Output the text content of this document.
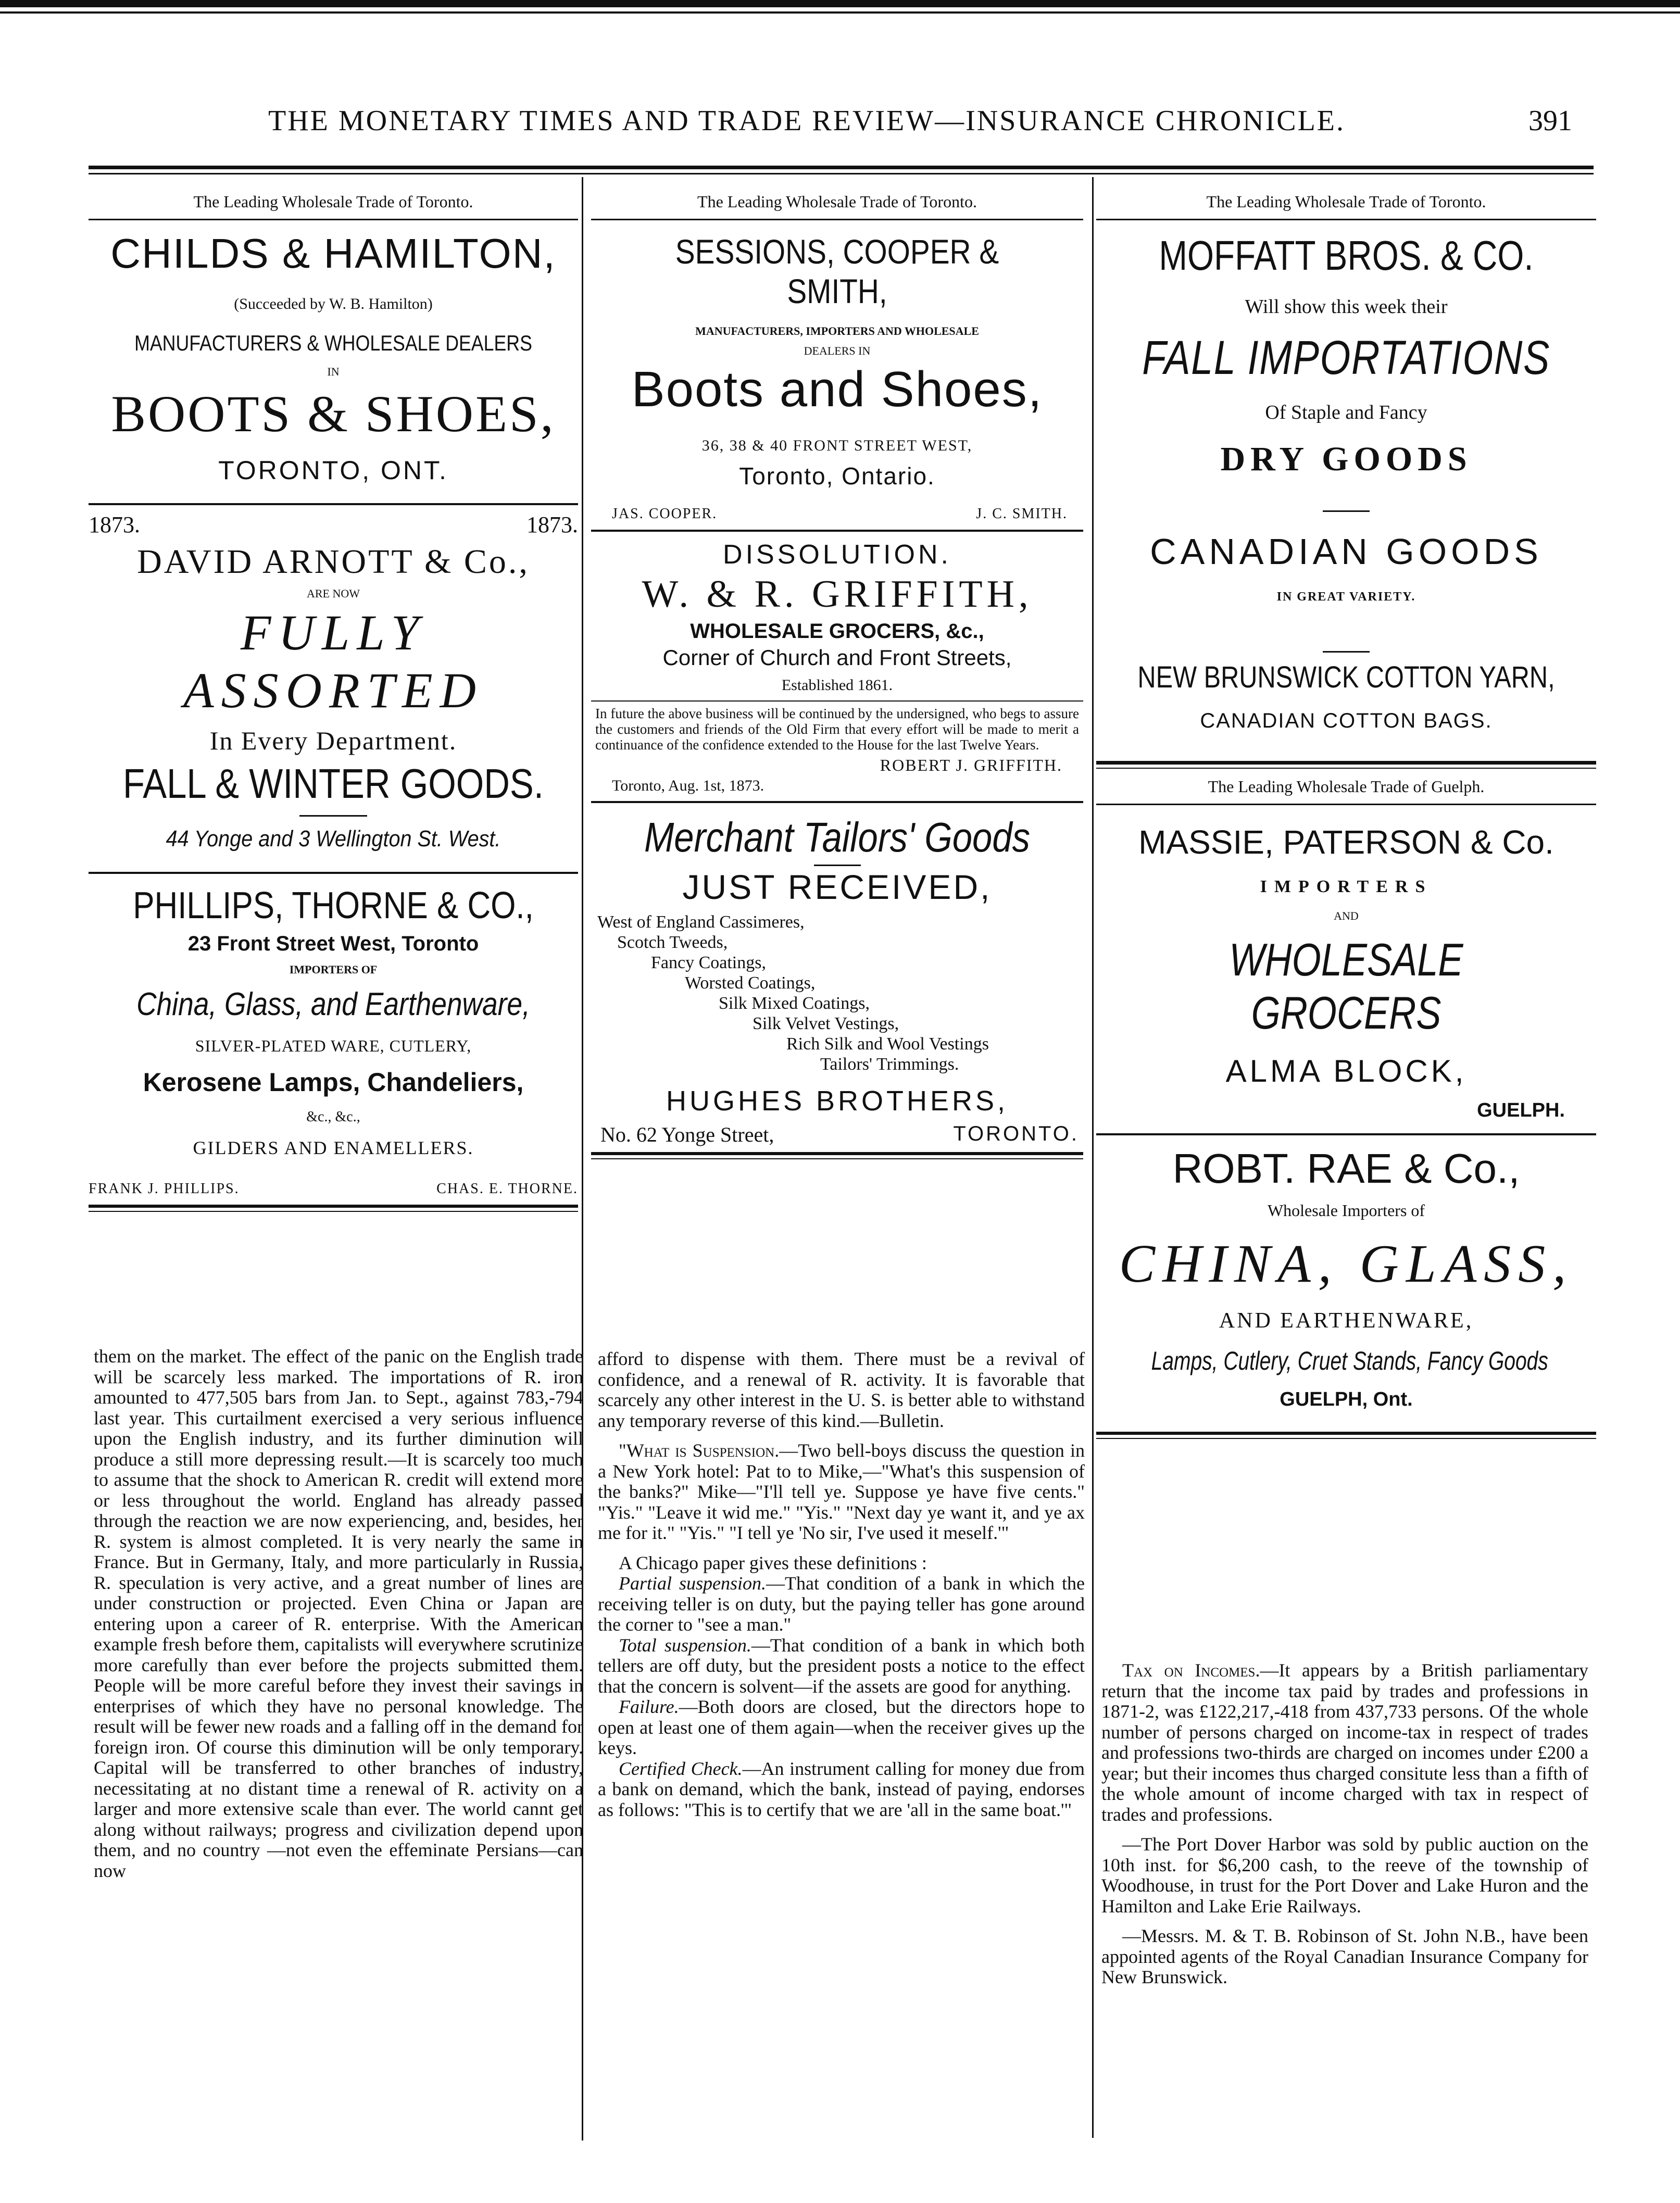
THE MONETARY TIMES AND TRADE REVIEW—INSURANCE CHRONICLE.	391
The Leading Wholesale Trade of Toronto.
CHILDS & HAMILTON,
(Succeeded by W. B. Hamilton)
MANUFACTURERS & WHOLESALE DEALERS
IN
BOOTS & SHOES,
TORONTO, ONT.
1873.	1873.
DAVID ARNOTT & Co.,
ARE NOW
FULLY ASSORTED
In Every Department.
FALL & WINTER GOODS.
44 Yonge and 3 Wellington St. West.
PHILLIPS, THORNE & CO.,
23 Front Street West, Toronto
IMPORTERS OF
China, Glass, and Earthenware,
SILVER-PLATED WARE, CUTLERY,
Kerosene Lamps, Chandeliers,
&c., &c.,
GILDERS AND ENAMELLERS.
FRANK J. PHILLIPS.	CHAS. E. THORNE.

them on the market. The effect of the panic on the English trade will be scarcely less marked. The importations of R. iron amounted to 477,505 bars from Jan. to Sept., against 783,-794 last year. This curtailment exercised a very serious influence upon the English industry, and its further diminution will produce a still more depressing result.—It is scarcely too much to assume that the shock to American R. credit will extend more or less throughout the world. England has already passed through the reaction we are now experiencing, and, besides, her R. system is almost completed. It is very nearly the same in France. But in Germany, Italy, and more particularly in Russia, R. speculation is very active, and a great number of lines are under construction or projected. Even China or Japan are entering upon a career of R. enterprise. With the American example fresh before them, capitalists will everywhere scrutinize more carefully than ever before the projects submitted them. People will be more careful before they invest their savings in enterprises of which they have no personal knowledge. The result will be fewer new roads and a falling off in the demand for foreign iron. Of course this diminution will be only temporary. Capital will be transferred to other branches of industry, necessitating at no distant time a renewal of R. activity on a larger and more extensive scale than ever. The world cannt get along without railways; progress and civilization depend upon them, and no country —not even the effeminate Persians—can now

The Leading Wholesale Trade of Toronto.
SESSIONS, COOPER & SMITH,
MANUFACTURERS, IMPORTERS AND WHOLESALE
DEALERS IN
Boots and Shoes,
36, 38 & 40 FRONT STREET WEST,
Toronto, Ontario.
JAS. COOPER.	J. C. SMITH.
DISSOLUTION.
W. & R. GRIFFITH,
WHOLESALE GROCERS, &c.,
Corner of Church and Front Streets,
Established 1861.
In future the above business will be continued by the undersigned, who begs to assure the customers and friends of the Old Firm that every effort will be made to merit a continuance of the confidence extended to the House for the last Twelve Years.
ROBERT J. GRIFFITH.
Toronto, Aug. 1st, 1873.
Merchant Tailors' Goods
JUST RECEIVED,
West of England Cassimeres,
Scotch Tweeds,
Fancy Coatings,
Worsted Coatings,
Silk Mixed Coatings,
Silk Velvet Vestings,
Rich Silk and Wool Vestings
Tailors' Trimmings.
HUGHES BROTHERS,
No. 62 Yonge Street,	TORONTO.

afford to dispense with them. There must be a revival of confidence, and a renewal of R. activity. It is favorable that scarcely any other interest in the U. S. is better able to withstand any temporary reverse of this kind.—Bulletin.

"What is Suspension.—Two bell-boys discuss the question in a New York hotel: Pat to to Mike,—"What's this suspension of the banks?" Mike—"I'll tell ye. Suppose ye have five cents." "Yis." "Leave it wid me." "Yis." "Next day ye want it, and ye ax me for it." "Yis." "I tell ye 'No sir, I've used it meself.'"

A Chicago paper gives these definitions :

Partial suspension.—That condition of a bank in which the receiving teller is on duty, but the paying teller has gone around the corner to "see a man."

Total suspension.—That condition of a bank in which both tellers are off duty, but the president posts a notice to the effect that the concern is solvent—if the assets are good for anything.

Failure.—Both doors are closed, but the directors hope to open at least one of them again—when the receiver gives up the keys.

Certified Check.—An instrument calling for money due from a bank on demand, which the bank, instead of paying, endorses as follows: "This is to certify that we are 'all in the same boat.'"

The Leading Wholesale Trade of Toronto.
MOFFATT BROS. & CO.
Will show this week their
FALL IMPORTATIONS
Of Staple and Fancy
DRY GOODS
CANADIAN GOODS
IN GREAT VARIETY.
NEW BRUNSWICK COTTON YARN,
CANADIAN COTTON BAGS.
The Leading Wholesale Trade of Guelph.
MASSIE, PATERSON & Co.
IMPORTERS
AND
WHOLESALE GROCERS
ALMA BLOCK,
GUELPH.
ROBT. RAE & Co.,
Wholesale Importers of
CHINA, GLASS,
AND EARTHENWARE,
Lamps, Cutlery, Cruet Stands, Fancy Goods
GUELPH, Ont.

Tax on Incomes.—It appears by a British parliamentary return that the income tax paid by trades and professions in 1871-2, was £122,217,-418 from 437,733 persons. Of the whole number of persons charged on income-tax in respect of trades and professions two-thirds are charged on incomes under £200 a year; but their incomes thus charged consitute less than a fifth of the whole amount of income charged with tax in respect of trades and professions.

—The Port Dover Harbor was sold by public auction on the 10th inst. for $6,200 cash, to the reeve of the township of Woodhouse, in trust for the Port Dover and Lake Huron and the Hamilton and Lake Erie Railways.

—Messrs. M. & T. B. Robinson of St. John N.B., have been appointed agents of the Royal Canadian Insurance Company for New Brunswick.
